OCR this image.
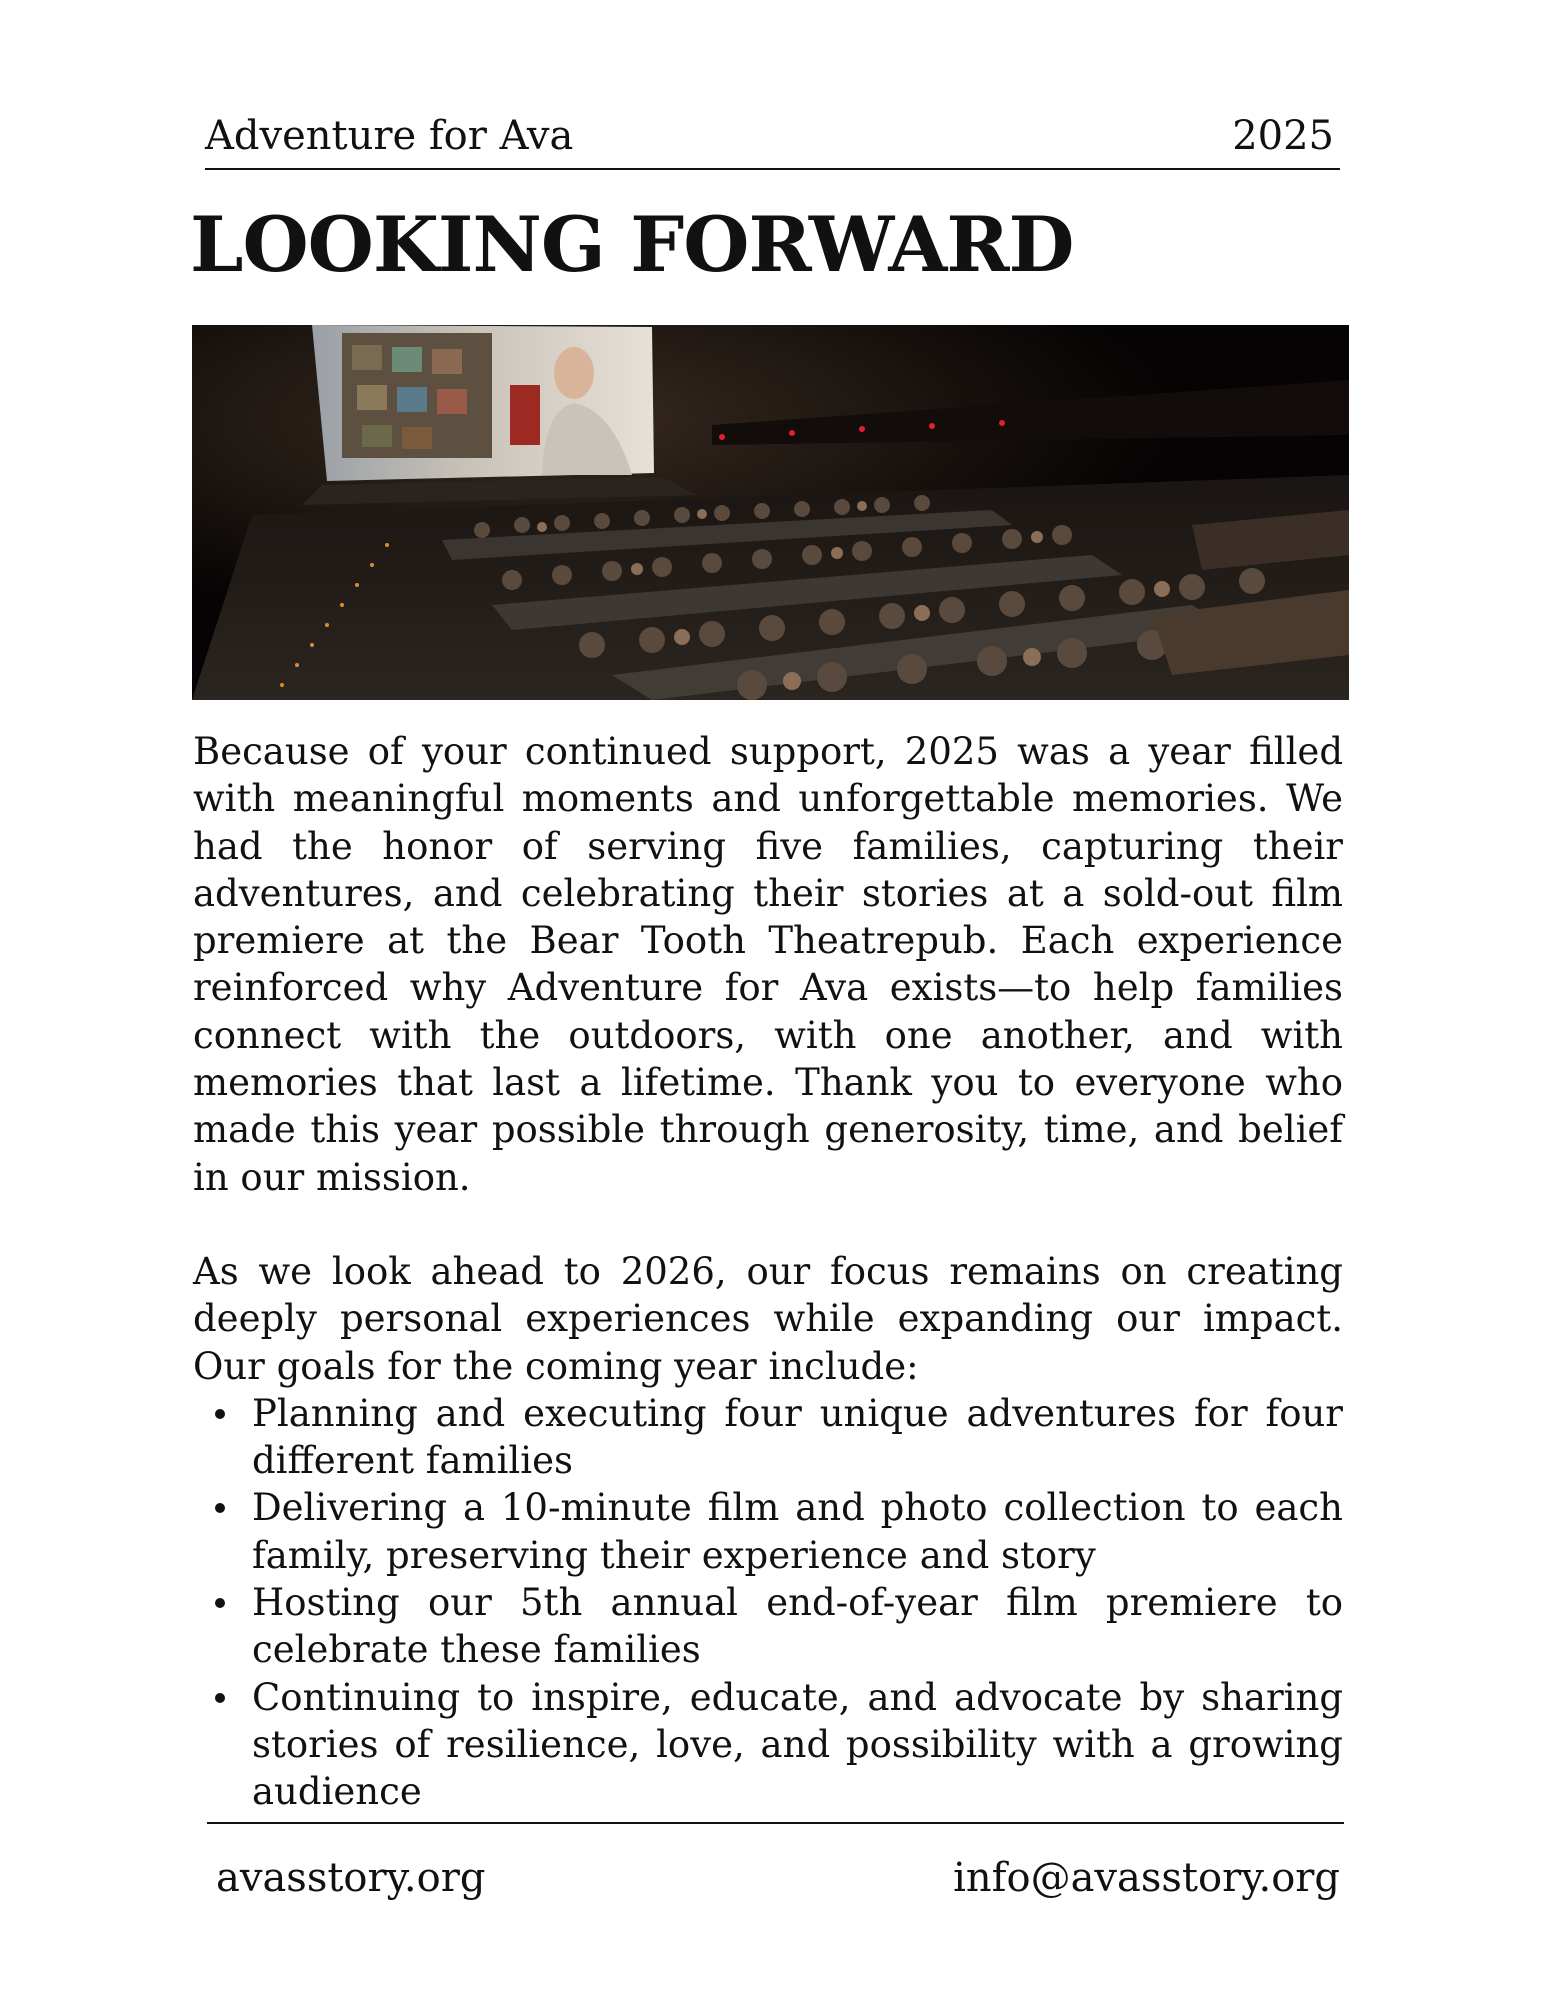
Adventure for Ava	2025
LOOKING FORWARD

Because of your continued support, 2025 was a year filled with meaningful moments and unforgettable memories. We had the honor of serving five families, capturing their adventures, and celebrating their stories at a sold-out film premiere at the Bear Tooth Theatrepub. Each experience reinforced why Adventure for Ava exists—to help families connect with the outdoors, with one another, and with memories that last a lifetime. Thank you to everyone who made this year possible through generosity, time, and belief in our mission.

As we look ahead to 2026, our focus remains on creating deeply personal experiences while expanding our impact. Our goals for the coming year include:

Planning and executing four unique adventures for four different families
Delivering a 10-minute film and photo collection to each family, preserving their experience and story
Hosting our 5th annual end-of-year film premiere to celebrate these families
Continuing to inspire, educate, and advocate by sharing stories of resilience, love, and possibility with a growing audience
avasstory.org	info@avasstory.org
